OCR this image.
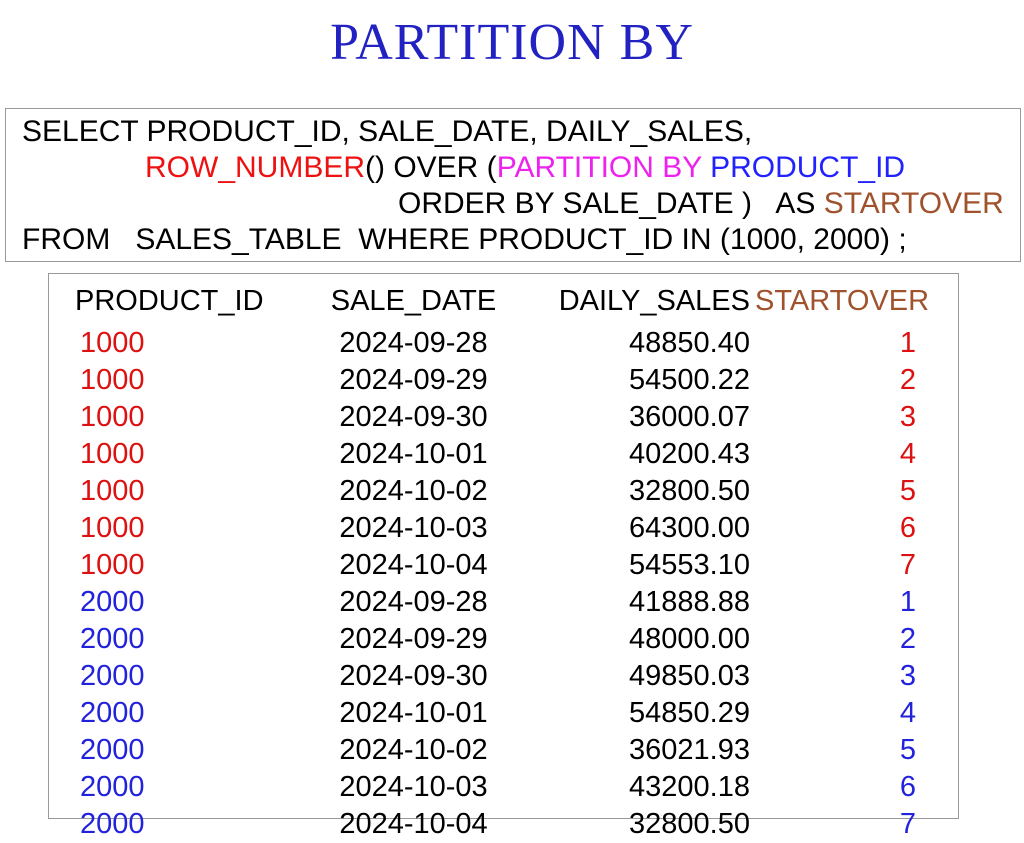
PARTITION BY
SELECT PRODUCT_ID, SALE_DATE, DAILY_SALES,
ROW_NUMBER() OVER (PARTITION BY PRODUCT_ID
ORDER BY SALE_DATE )   AS STARTOVER
FROM   SALES_TABLE  WHERE PRODUCT_ID IN (1000, 2000) ;
PRODUCT_ID	SALE_DATE	DAILY_SALES	STARTOVER
1000	2024-09-28	48850.40	1
1000	2024-09-29	54500.22	2
1000	2024-09-30	36000.07	3
1000	2024-10-01	40200.43	4
1000	2024-10-02	32800.50	5
1000	2024-10-03	64300.00	6
1000	2024-10-04	54553.10	7
2000	2024-09-28	41888.88	1
2000	2024-09-29	48000.00	2
2000	2024-09-30	49850.03	3
2000	2024-10-01	54850.29	4
2000	2024-10-02	36021.93	5
2000	2024-10-03	43200.18	6
2000	2024-10-04	32800.50	7
